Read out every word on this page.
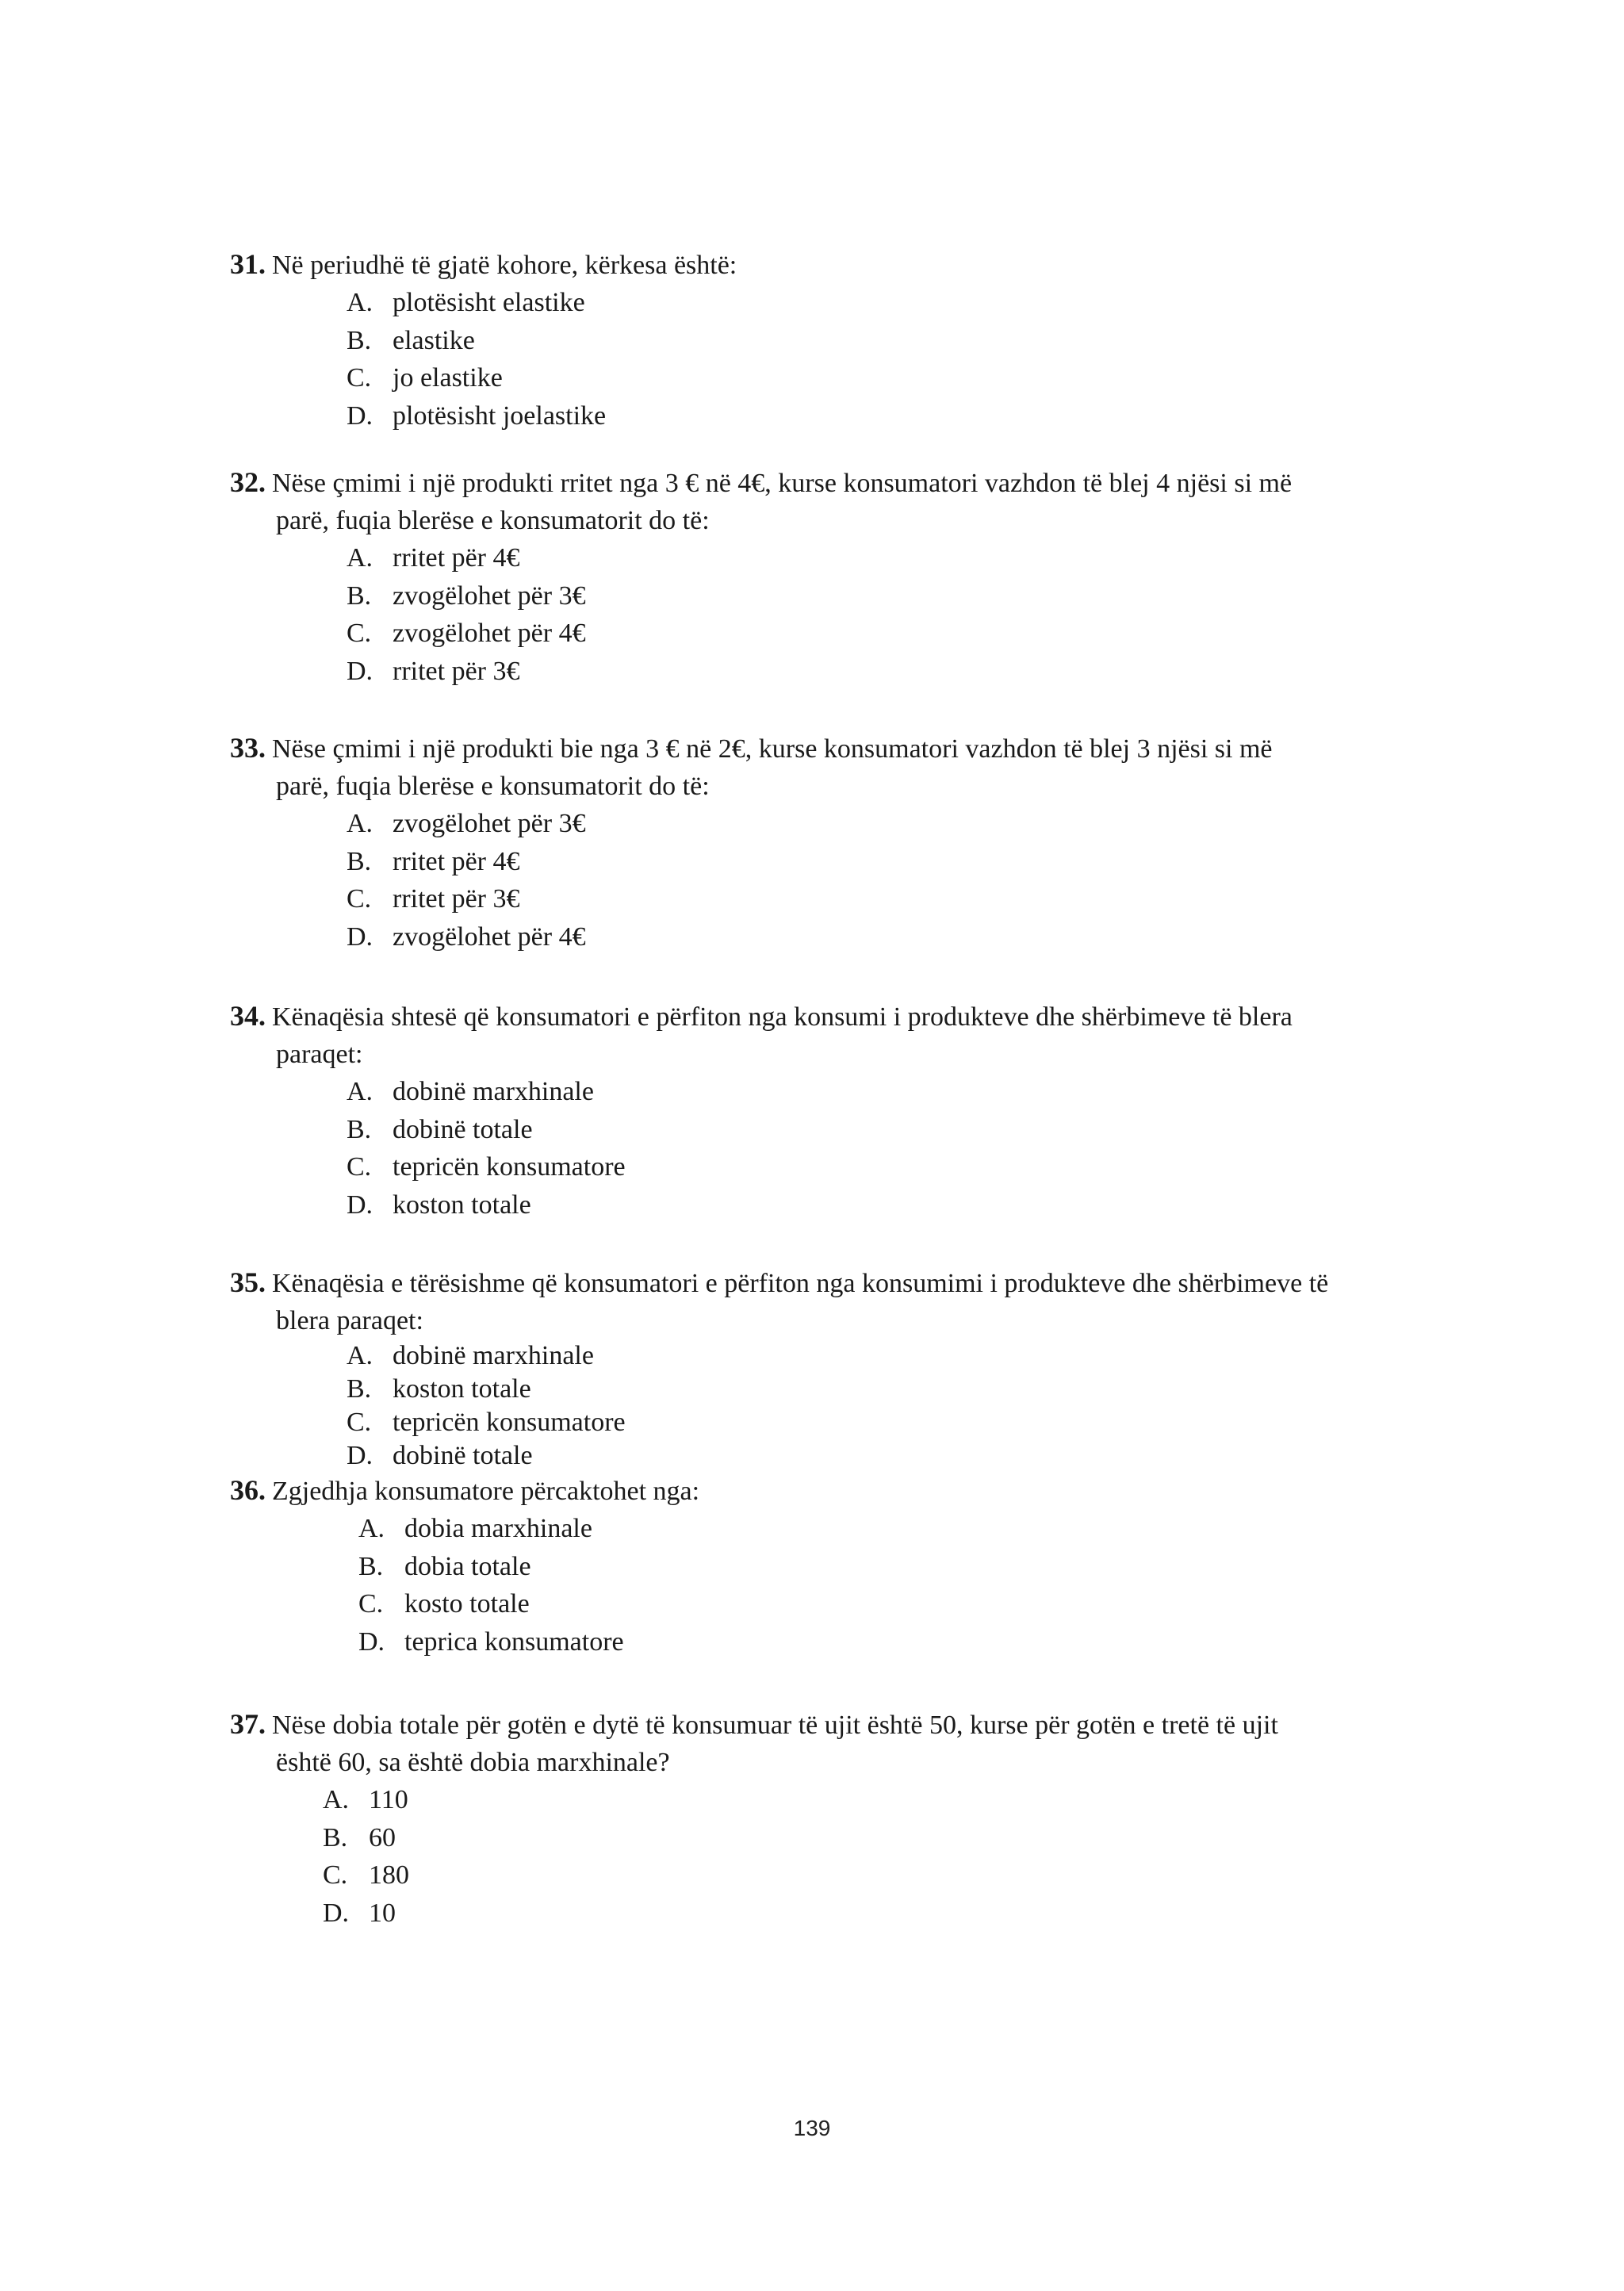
31. Në periudhë të gjatë kohore, kërkesa është:

A. plotësisht elastike
B. elastike
C. jo elastike
D. plotësisht joelastike

32. Nëse çmimi i një produkti rritet nga 3 € në 4€, kurse konsumatori vazhdon të blej 4 njësi si më

parë, fuqia blerëse e konsumatorit do të:

A. rritet për 4€
B. zvogëlohet për 3€
C. zvogëlohet për 4€
D. rritet për 3€

33. Nëse çmimi i një produkti bie nga 3 € në 2€, kurse konsumatori vazhdon të blej 3 njësi si më

parë, fuqia blerëse e konsumatorit do të:

A. zvogëlohet për 3€
B. rritet për 4€
C. rritet për 3€
D. zvogëlohet për 4€

34. Kënaqësia shtesë që konsumatori e përfiton nga konsumi i produkteve dhe shërbimeve të blera

paraqet:

A. dobinë marxhinale
B. dobinë totale
C. tepricën konsumatore
D. koston totale

35. Kënaqësia e tërësishme që konsumatori e përfiton nga konsumimi i produkteve dhe shërbimeve të

blera paraqet:

A. dobinë marxhinale
B. koston totale
C. tepricën konsumatore
D. dobinë totale

36. Zgjedhja konsumatore përcaktohet nga:

A. dobia marxhinale
B. dobia totale
C. kosto totale
D. teprica konsumatore

37. Nëse dobia totale për gotën e dytë të konsumuar të ujit është 50, kurse për gotën e tretë të ujit

është 60, sa është dobia marxhinale?

A. 110
B. 60
C. 180
D. 10
139
